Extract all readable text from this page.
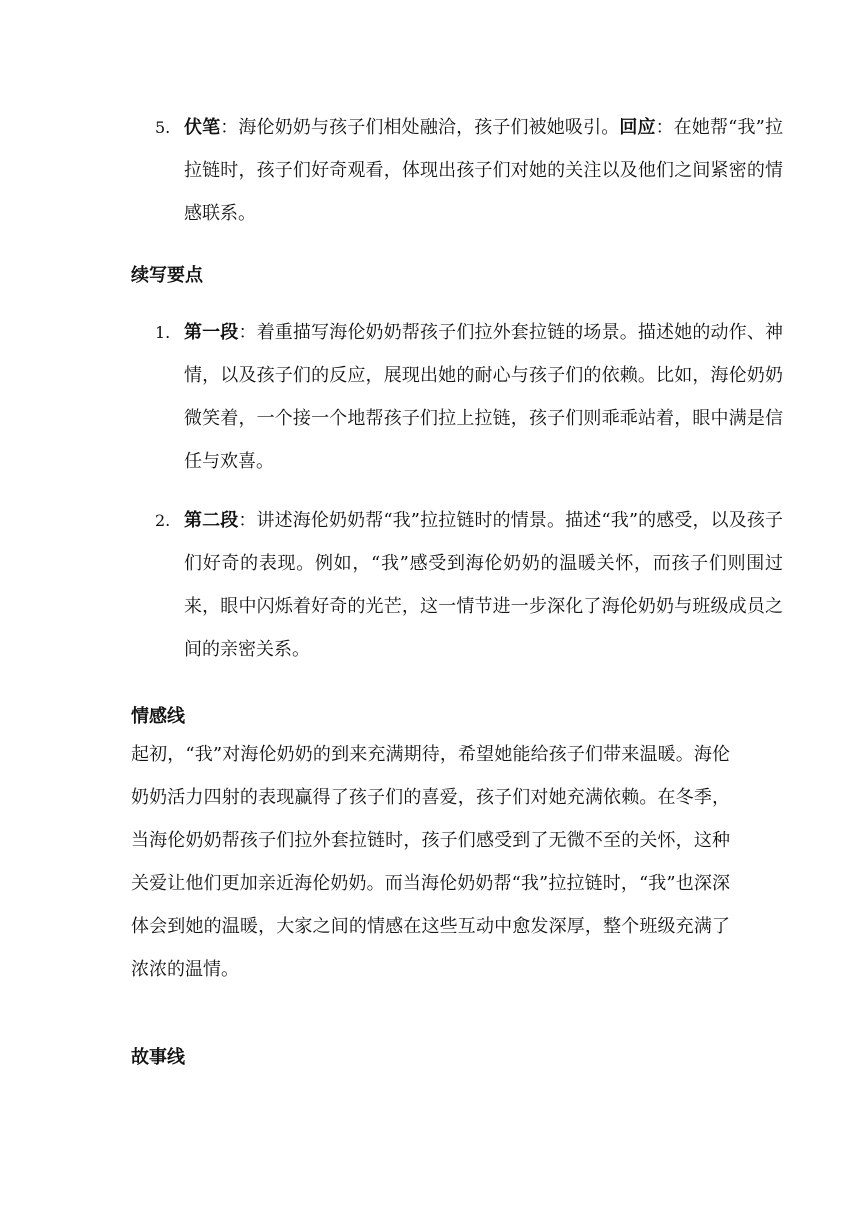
5. 伏笔：海伦奶奶与孩子们相处融洽，孩子们被她吸引。回应：在她帮“我”拉拉链时，孩子们好奇观看，体现出孩子们对她的关注以及他们之间紧密的情感联系。
续写要点
1. 第一段：着重描写海伦奶奶帮孩子们拉外套拉链的场景。描述她的动作、神情，以及孩子们的反应，展现出她的耐心与孩子们的依赖。比如，海伦奶奶微笑着，一个接一个地帮孩子们拉上拉链，孩子们则乖乖站着，眼中满是信任与欢喜。
2. 第二段：讲述海伦奶奶帮“我”拉拉链时的情景。描述“我”的感受，以及孩子们好奇的表现。例如，“我”感受到海伦奶奶的温暖关怀，而孩子们则围过来，眼中闪烁着好奇的光芒，这一情节进一步深化了海伦奶奶与班级成员之间的亲密关系。
情感线
起初，“我”对海伦奶奶的到来充满期待，希望她能给孩子们带来温暖。海伦奶奶活力四射的表现赢得了孩子们的喜爱，孩子们对她充满依赖。在冬季，当海伦奶奶帮孩子们拉外套拉链时，孩子们感受到了无微不至的关怀，这种关爱让他们更加亲近海伦奶奶。而当海伦奶奶帮“我”拉拉链时，“我”也深深体会到她的温暖，大家之间的情感在这些互动中愈发深厚，整个班级充满了浓浓的温情。
故事线
